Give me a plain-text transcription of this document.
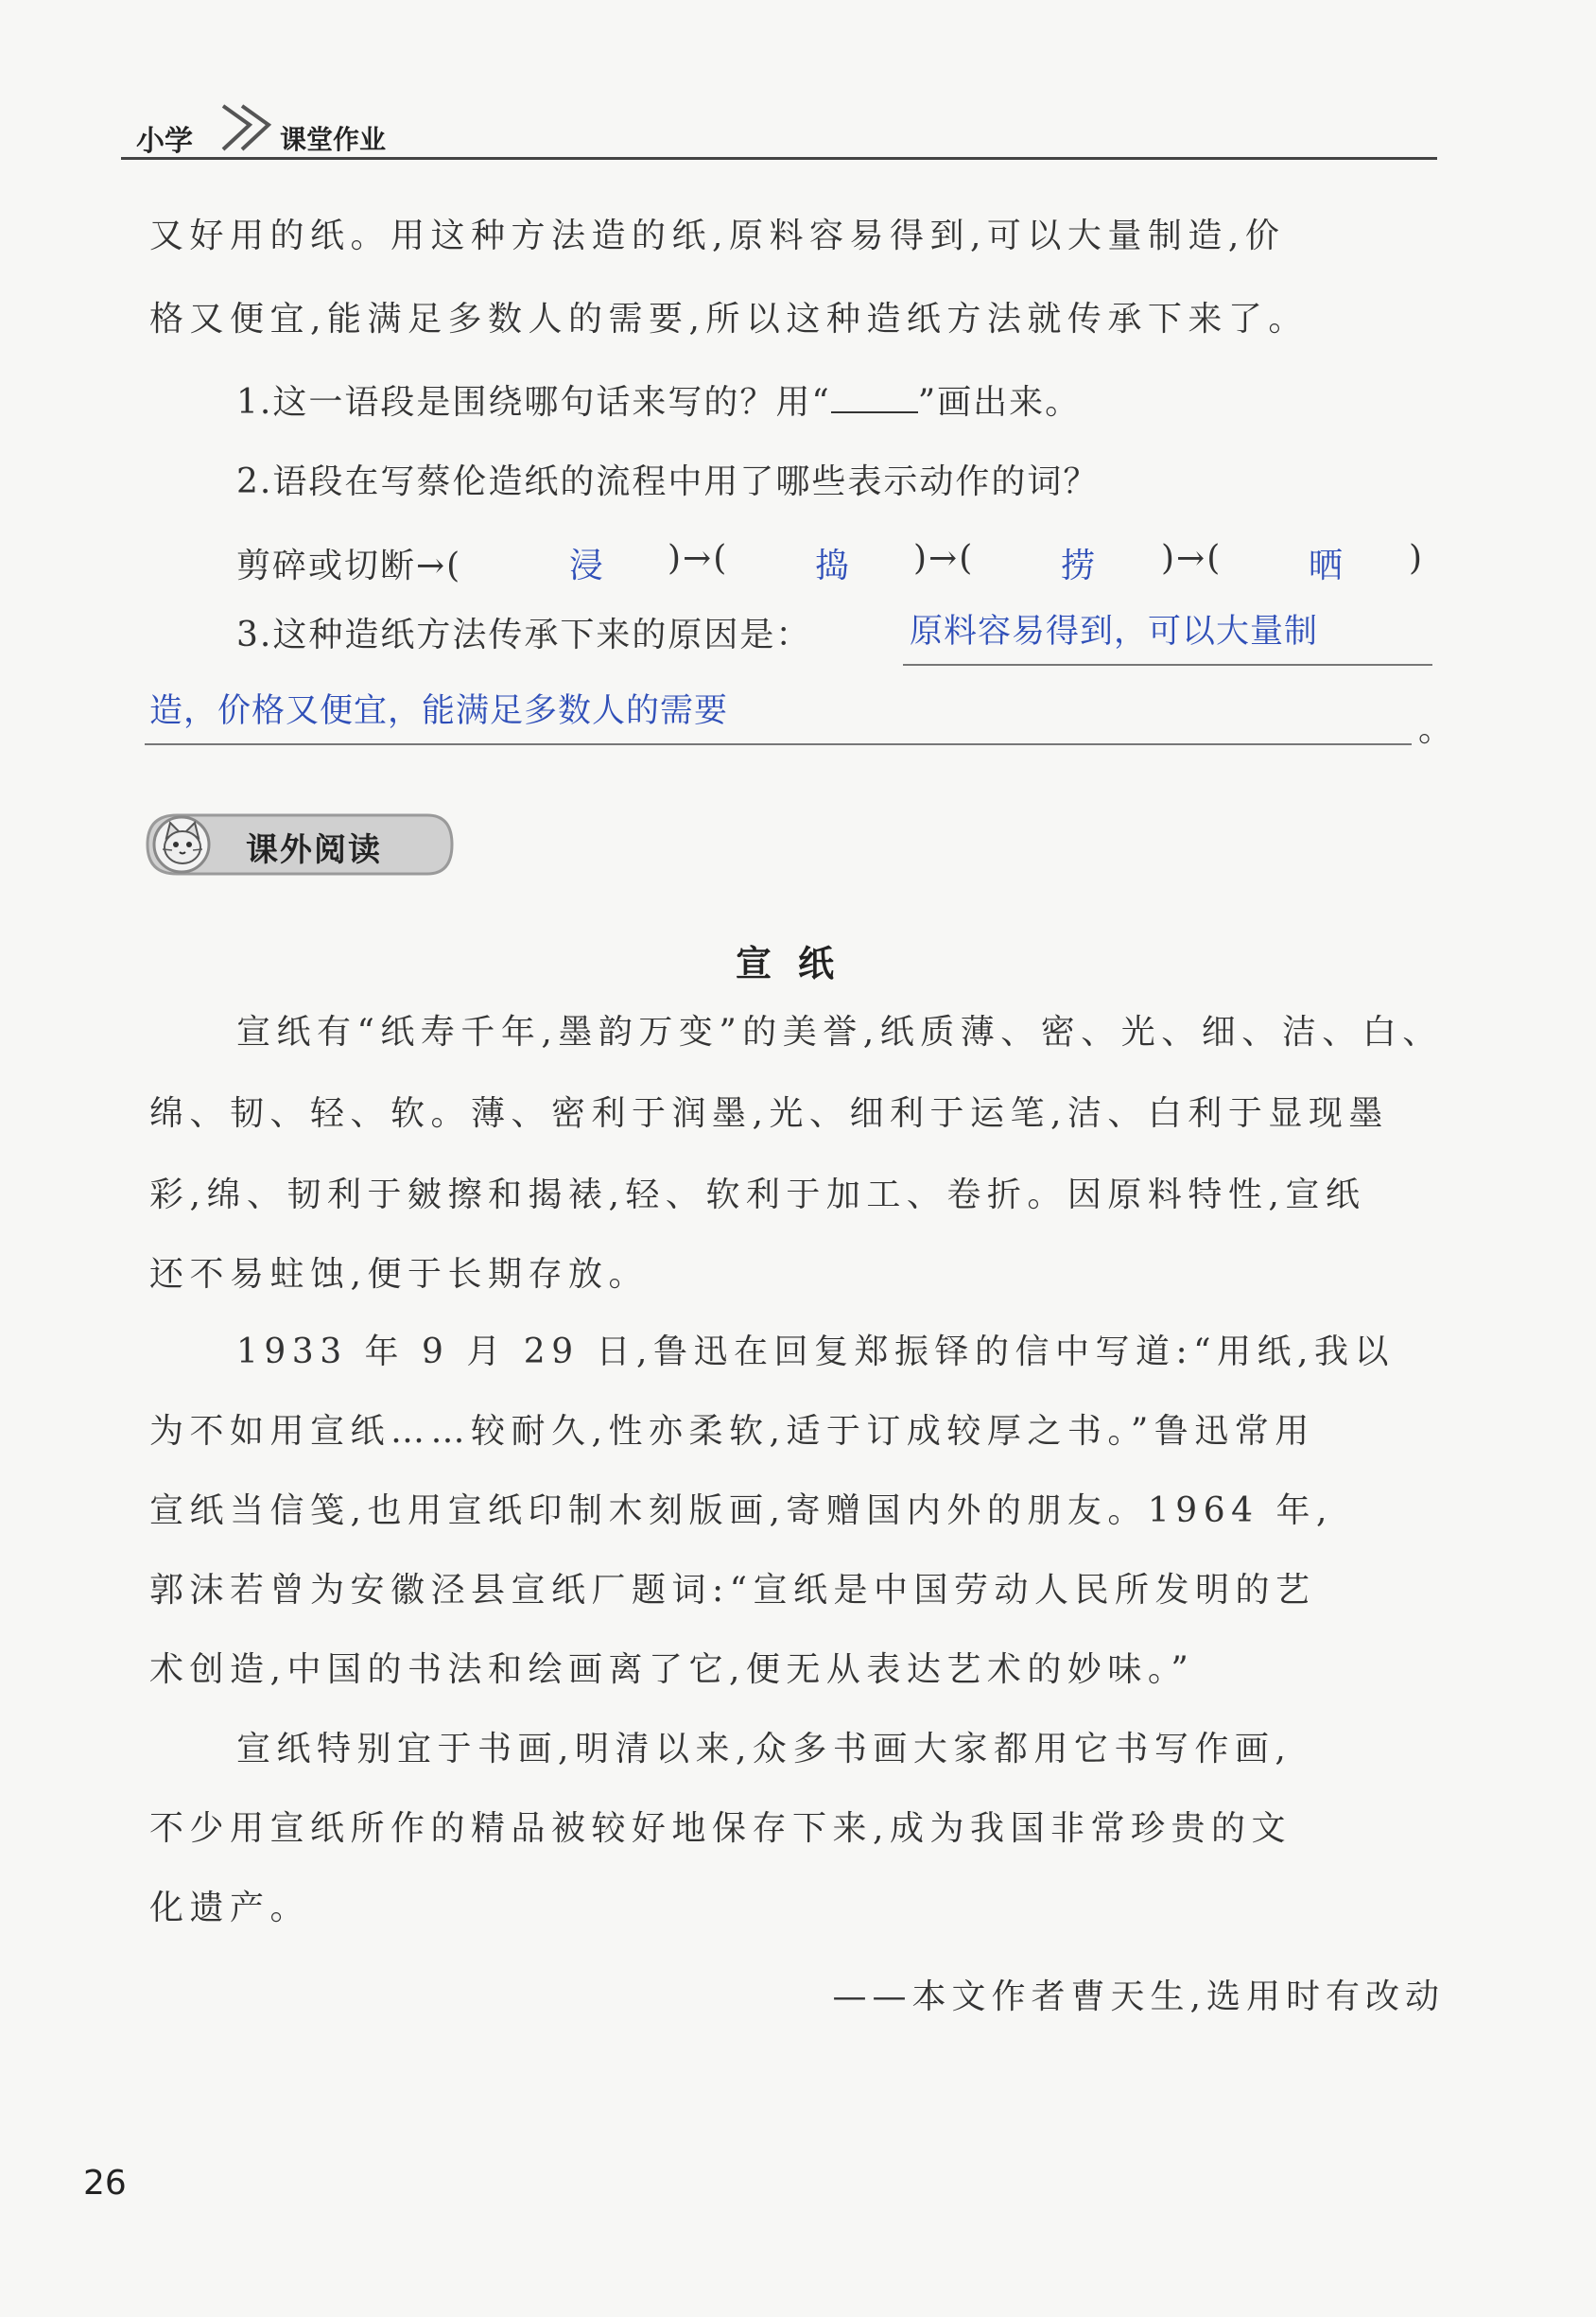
小学	课堂作业
又好用的纸。用这种方法造的纸,原料容易得到,可以大量制造,价
格又便宜,能满足多数人的需要,所以这种造纸方法就传承下来了。
1.这一语段是围绕哪句话来写的？用“	”画出来。
2.语段在写蔡伦造纸的流程中用了哪些表示动作的词？
剪碎或切断→(	浸 )→(	捣 )→(	捞 )→(	晒 )
3.这种造纸方法传承下来的原因是：	原料容易得到，可以大量制
造，价格又便宜，能满足多数人的需要	。
课外阅读
宣纸
宣纸有“纸寿千年,墨韵万变”的美誉,纸质薄、密、光、细、洁、白、
绵、韧、轻、软。薄、密利于润墨,光、细利于运笔,洁、白利于显现墨
彩,绵、韧利于皴擦和揭裱,轻、软利于加工、卷折。因原料特性,宣纸
还不易蛀蚀,便于长期存放。
1933 年 9 月 29 日,鲁迅在回复郑振铎的信中写道:“用纸,我以
为不如用宣纸……较耐久,性亦柔软,适于订成较厚之书。”鲁迅常用
宣纸当信笺,也用宣纸印制木刻版画,寄赠国内外的朋友。1964 年,
郭沫若曾为安徽泾县宣纸厂题词:“宣纸是中国劳动人民所发明的艺
术创造,中国的书法和绘画离了它,便无从表达艺术的妙味。”
宣纸特别宜于书画,明清以来,众多书画大家都用它书写作画,
不少用宣纸所作的精品被较好地保存下来,成为我国非常珍贵的文
化遗产。
——本文作者曹天生,选用时有改动
26
